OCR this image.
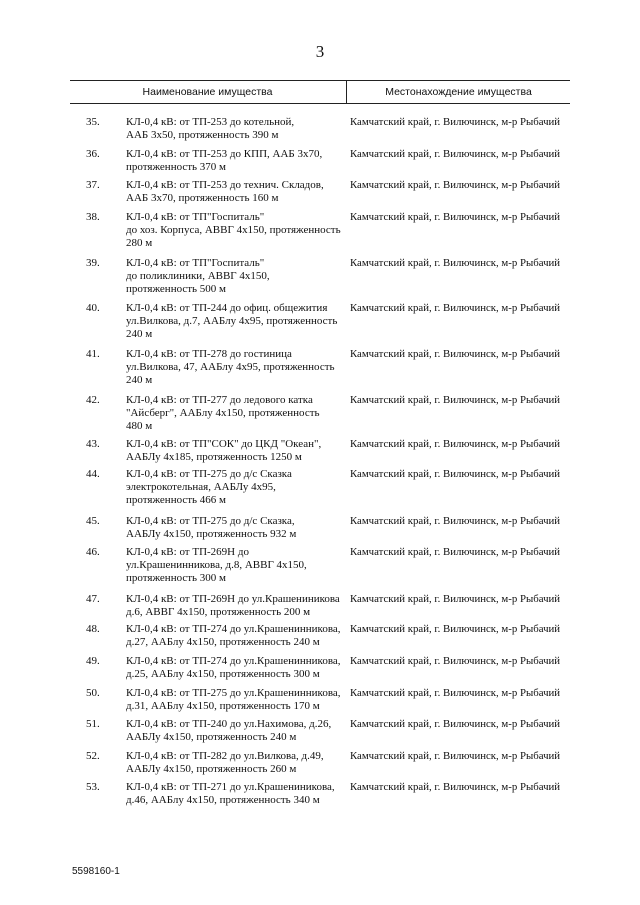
3
Наименование имущества	Местонахождение имущества
35.	КЛ-0,4 кВ: от ТП-253 до котельной,
ААБ 3х50, протяженность 390 м
Камчатский край, г. Вилючинск, м-р Рыбачий
36.	КЛ-0,4 кВ: от ТП-253 до КПП, ААБ 3х70,
протяженность 370 м
Камчатский край, г. Вилючинск, м-р Рыбачий
37.	КЛ-0,4 кВ: от ТП-253 до технич. Складов,
ААБ 3х70, протяженность 160 м
Камчатский край, г. Вилючинск, м-р Рыбачий
38.	КЛ-0,4 кВ: от ТП"Госпиталь"
до хоз. Корпуса, АВВГ 4х150, протяженность
280 м
Камчатский край, г. Вилючинск, м-р Рыбачий
39.	КЛ-0,4 кВ: от ТП"Госпиталь"
до поликлиники, АВВГ 4х150,
протяженность 500 м
Камчатский край, г. Вилючинск, м-р Рыбачий
40.	КЛ-0,4 кВ: от ТП-244 до офиц. общежития
ул.Вилкова, д.7, ААБлу 4х95, протяженность
240 м
Камчатский край, г. Вилючинск, м-р Рыбачий
41.	КЛ-0,4 кВ: от ТП-278 до гостиница
ул.Вилкова, 47, ААБлу 4х95, протяженность
240 м
Камчатский край, г. Вилючинск, м-р Рыбачий
42.	КЛ-0,4 кВ: от ТП-277 до ледового катка
"Айсберг", ААБлу 4х150, протяженность
480 м
Камчатский край, г. Вилючинск, м-р Рыбачий
43.	КЛ-0,4 кВ: от ТП"СОК" до ЦКД "Океан",
ААБЛу 4х185, протяженность 1250 м
Камчатский край, г. Вилючинск, м-р Рыбачий
44.	КЛ-0,4 кВ: от ТП-275 до д/с Сказка
электрокотельная, ААБЛу 4х95,
протяженность 466 м
Камчатский край, г. Вилючинск, м-р Рыбачий
45.	КЛ-0,4 кВ: от ТП-275 до д/с Сказка,
ААБЛу 4х150, протяженность 932 м
Камчатский край, г. Вилючинск, м-р Рыбачий
46.	КЛ-0,4 кВ: от ТП-269Н до
ул.Крашенинникова, д.8, АВВГ 4х150,
протяженность 300 м
Камчатский край, г. Вилючинск, м-р Рыбачий
47.	КЛ-0,4 кВ: от ТП-269Н до ул.Крашениникова
д.6, АВВГ 4х150, протяженность 200 м
Камчатский край, г. Вилючинск, м-р Рыбачий
48.	КЛ-0,4 кВ: от ТП-274 до ул.Крашенинникова,
д.27, ААБлу 4х150, протяженность 240 м
Камчатский край, г. Вилючинск, м-р Рыбачий
49.	КЛ-0,4 кВ: от ТП-274 до ул.Крашенинникова,
д.25, ААБлу 4х150, протяженность 300 м
Камчатский край, г. Вилючинск, м-р Рыбачий
50.	КЛ-0,4 кВ: от ТП-275 до ул.Крашенинникова,
д.31, ААБлу 4х150, протяженность 170 м
Камчатский край, г. Вилючинск, м-р Рыбачий
51.	КЛ-0,4 кВ: от ТП-240 до ул.Нахимова, д.26,
ААБЛу 4х150, протяженность 240 м
Камчатский край, г. Вилючинск, м-р Рыбачий
52.	КЛ-0,4 кВ: от ТП-282 до ул.Вилкова, д.49,
ААБЛу 4х150, протяженность 260 м
Камчатский край, г. Вилючинск, м-р Рыбачий
53.	КЛ-0,4 кВ: от ТП-271 до ул.Крашениникова,
д.46, ААБлу 4х150, протяженность 340 м
Камчатский край, г. Вилючинск, м-р Рыбачий
5598160-1
